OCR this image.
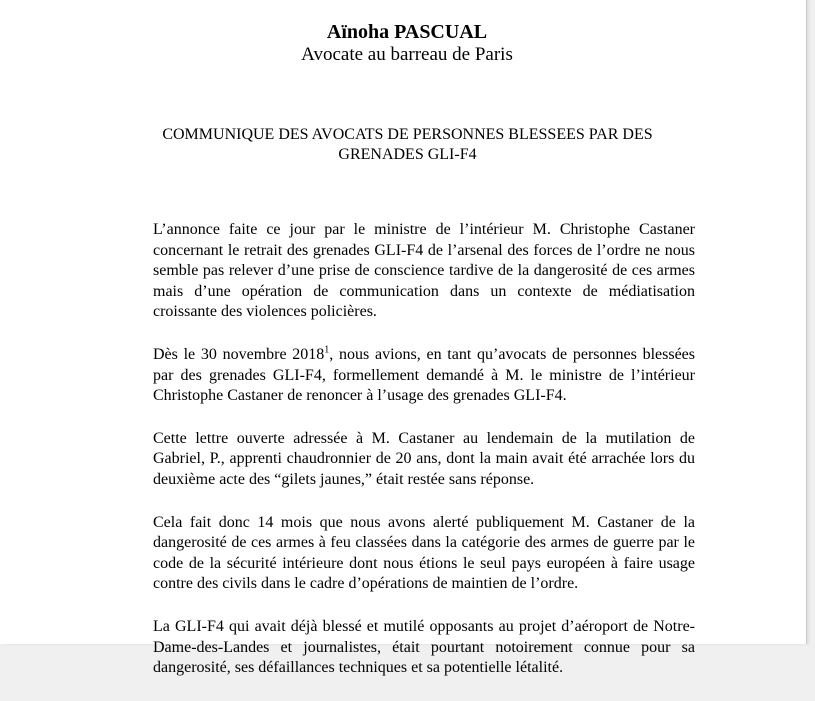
Aïnoha PASCUAL
Avocate au barreau de Paris
COMMUNIQUE DES AVOCATS DE PERSONNES BLESSEES PAR DES
GRENADES GLI-F4

L’annonce faite ce jour par le ministre de l’intérieur M. Christophe Castaner concernant le retrait des grenades GLI-F4 de l’arsenal des forces de l’ordre ne nous semble pas relever d’une prise de conscience tardive de la dangerosité de ces armes mais d’une opération de communication dans un contexte de médiatisation croissante des violences policières.

Dès le 30 novembre 2018$^1$, nous avions, en tant qu’avocats de personnes blessées par des grenades GLI-F4, formellement demandé à M. le ministre de l’intérieur Christophe Castaner de renoncer à l’usage des grenades GLI-F4.

Cette lettre ouverte adressée à M. Castaner au lendemain de la mutilation de Gabriel, P., apprenti chaudronnier de 20 ans, dont la main avait été arrachée lors du deuxième acte des “gilets jaunes,” était restée sans réponse.

Cela fait donc 14 mois que nous avons alerté publiquement M. Castaner de la dangerosité de ces armes à feu classées dans la catégorie des armes de guerre par le code de la sécurité intérieure dont nous étions le seul pays européen à faire usage contre des civils dans le cadre d’opérations de maintien de l’ordre.

La GLI-F4 qui avait déjà blessé et mutilé opposants au projet d’aéroport de Notre-Dame-des-Landes et journalistes, était pourtant notoirement connue pour sa dangerosité, ses défaillances techniques et sa potentielle létalité.
